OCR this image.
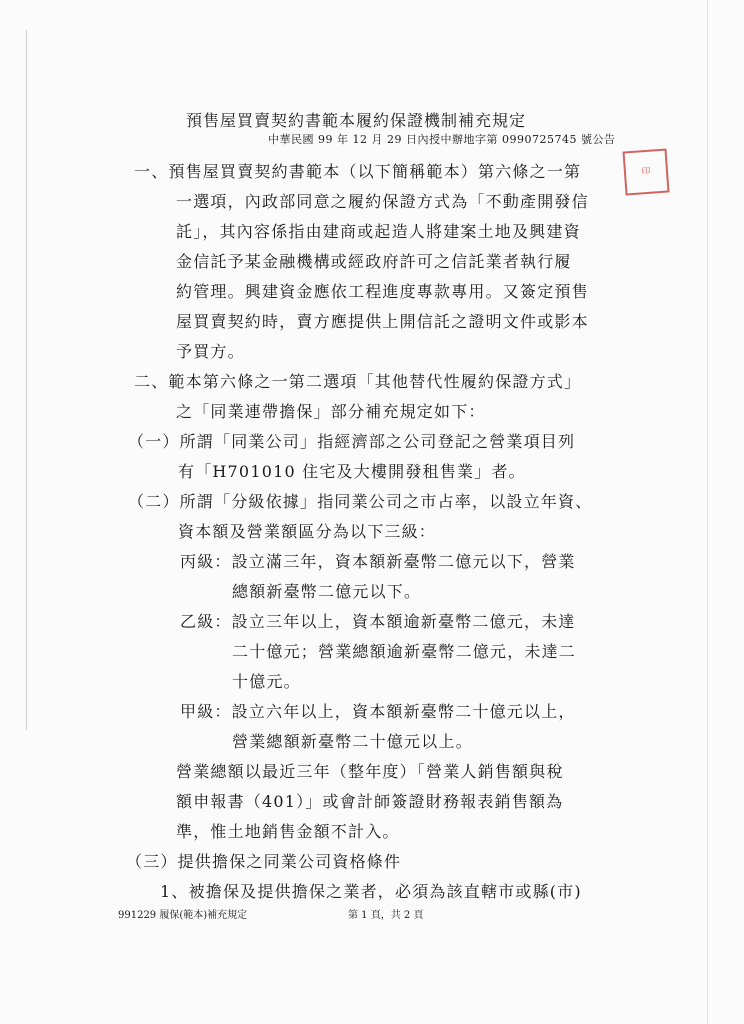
預售屋買賣契約書範本履約保證機制補充規定
中華民國 99 年 12 月 29 日內授中辦地字第 0990725745 號公告
印
一、預售屋買賣契約書範本（以下簡稱範本）第六條之一第
一選項，內政部同意之履約保證方式為「不動產開發信
託」，其內容係指由建商或起造人將建案土地及興建資
金信託予某金融機構或經政府許可之信託業者執行履
約管理。興建資金應依工程進度專款專用。又簽定預售
屋買賣契約時，賣方應提供上開信託之證明文件或影本
予買方。
二、範本第六條之一第二選項「其他替代性履約保證方式」
之「同業連帶擔保」部分補充規定如下：
（一）所謂「同業公司」指經濟部之公司登記之營業項目列
有「H701010 住宅及大樓開發租售業」者。
（二）所謂「分級依據」指同業公司之市占率，以設立年資、
資本額及營業額區分為以下三級：
丙級：設立滿三年，資本額新臺幣二億元以下，營業
總額新臺幣二億元以下。
乙級：設立三年以上，資本額逾新臺幣二億元，未達
二十億元；營業總額逾新臺幣二億元，未達二
十億元。
甲級：設立六年以上，資本額新臺幣二十億元以上，
營業總額新臺幣二十億元以上。
營業總額以最近三年（整年度）「營業人銷售額與稅
額申報書（401）」或會計師簽證財務報表銷售額為
準，惟土地銷售金額不計入。
（三）提供擔保之同業公司資格條件
1、被擔保及提供擔保之業者，必須為該直轄市或縣(市)
991229 履保(範本)補充規定	第 1 頁，共 2 頁
